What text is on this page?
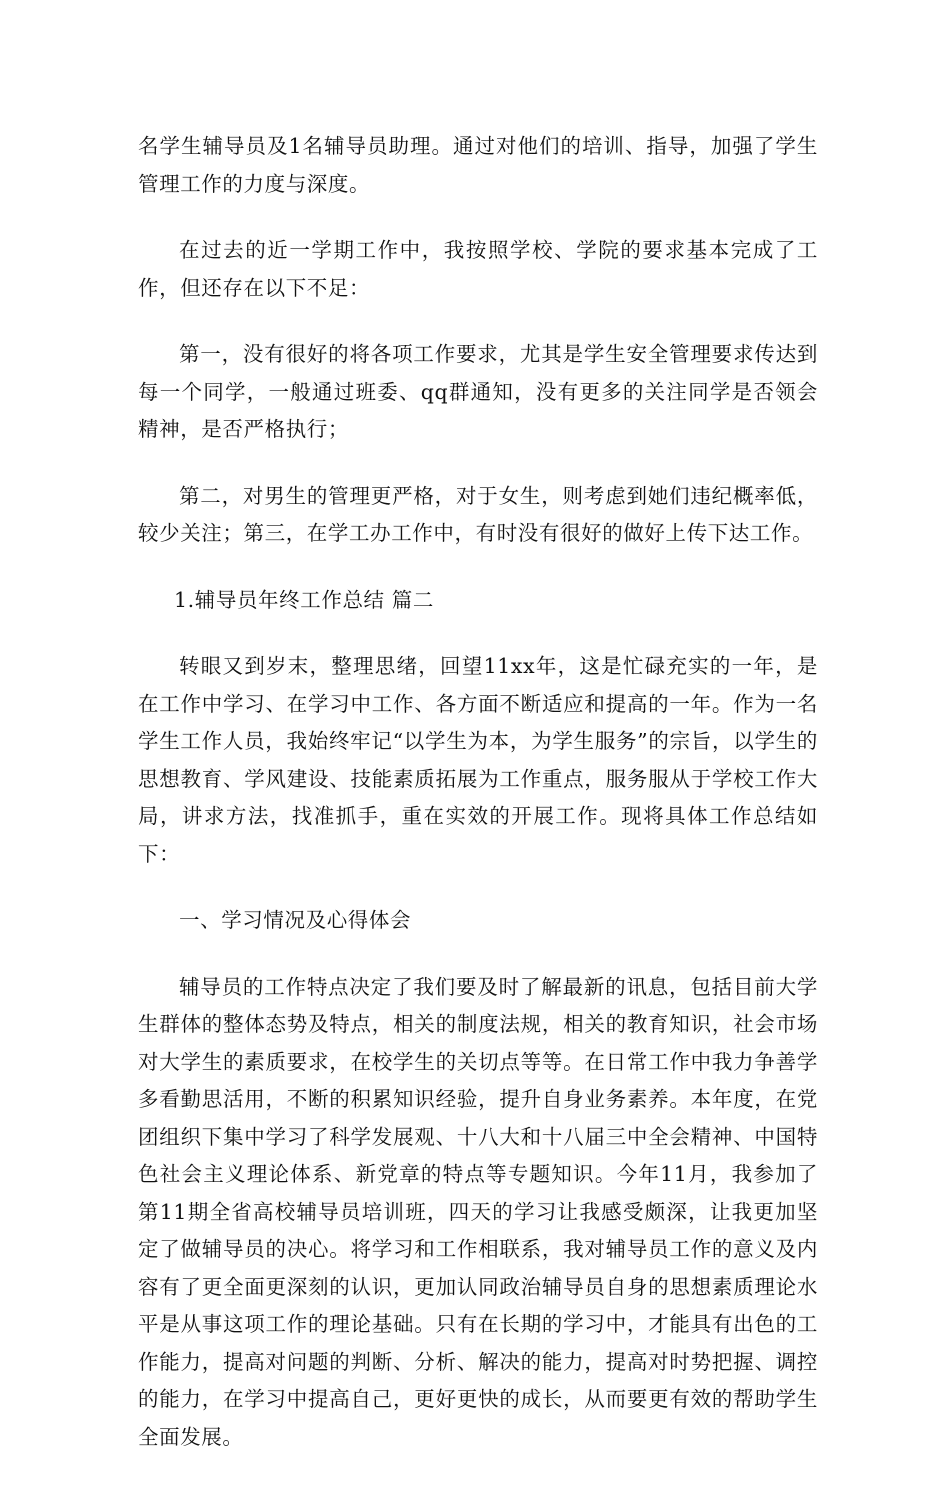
名学生辅导员及1名辅导员助理。通过对他们的培训、指导，加强了学生管理工作的力度与深度。

在过去的近一学期工作中，我按照学校、学院的要求基本完成了工作，但还存在以下不足：

第一，没有很好的将各项工作要求，尤其是学生安全管理要求传达到每一个同学，一般通过班委、qq群通知，没有更多的关注同学是否领会精神，是否严格执行；

第二，对男生的管理更严格，对于女生，则考虑到她们违纪概率低，较少关注；第三，在学工办工作中，有时没有很好的做好上传下达工作。

1.辅导员年终工作总结 篇二

转眼又到岁末，整理思绪，回望11xx年，这是忙碌充实的一年，是在工作中学习、在学习中工作、各方面不断适应和提高的一年。作为一名学生工作人员，我始终牢记“以学生为本，为学生服务”的宗旨，以学生的思想教育、学风建设、技能素质拓展为工作重点，服务服从于学校工作大局，讲求方法，找准抓手，重在实效的开展工作。现将具体工作总结如下：

一、学习情况及心得体会

辅导员的工作特点决定了我们要及时了解最新的讯息，包括目前大学生群体的整体态势及特点，相关的制度法规，相关的教育知识，社会市场对大学生的素质要求，在校学生的关切点等等。在日常工作中我力争善学多看勤思活用，不断的积累知识经验，提升自身业务素养。本年度，在党团组织下集中学习了科学发展观、十八大和十八届三中全会精神、中国特色社会主义理论体系、新党章的特点等专题知识。今年11月，我参加了第11期全省高校辅导员培训班，四天的学习让我感受颇深，让我更加坚定了做辅导员的决心。将学习和工作相联系，我对辅导员工作的意义及内容有了更全面更深刻的认识，更加认同政治辅导员自身的思想素质理论水平是从事这项工作的理论基础。只有在长期的学习中，才能具有出色的工作能力，提高对问题的判断、分析、解决的能力，提高对时势把握、调控的能力，在学习中提高自己，更好更快的成长，从而要更有效的帮助学生全面发展。
